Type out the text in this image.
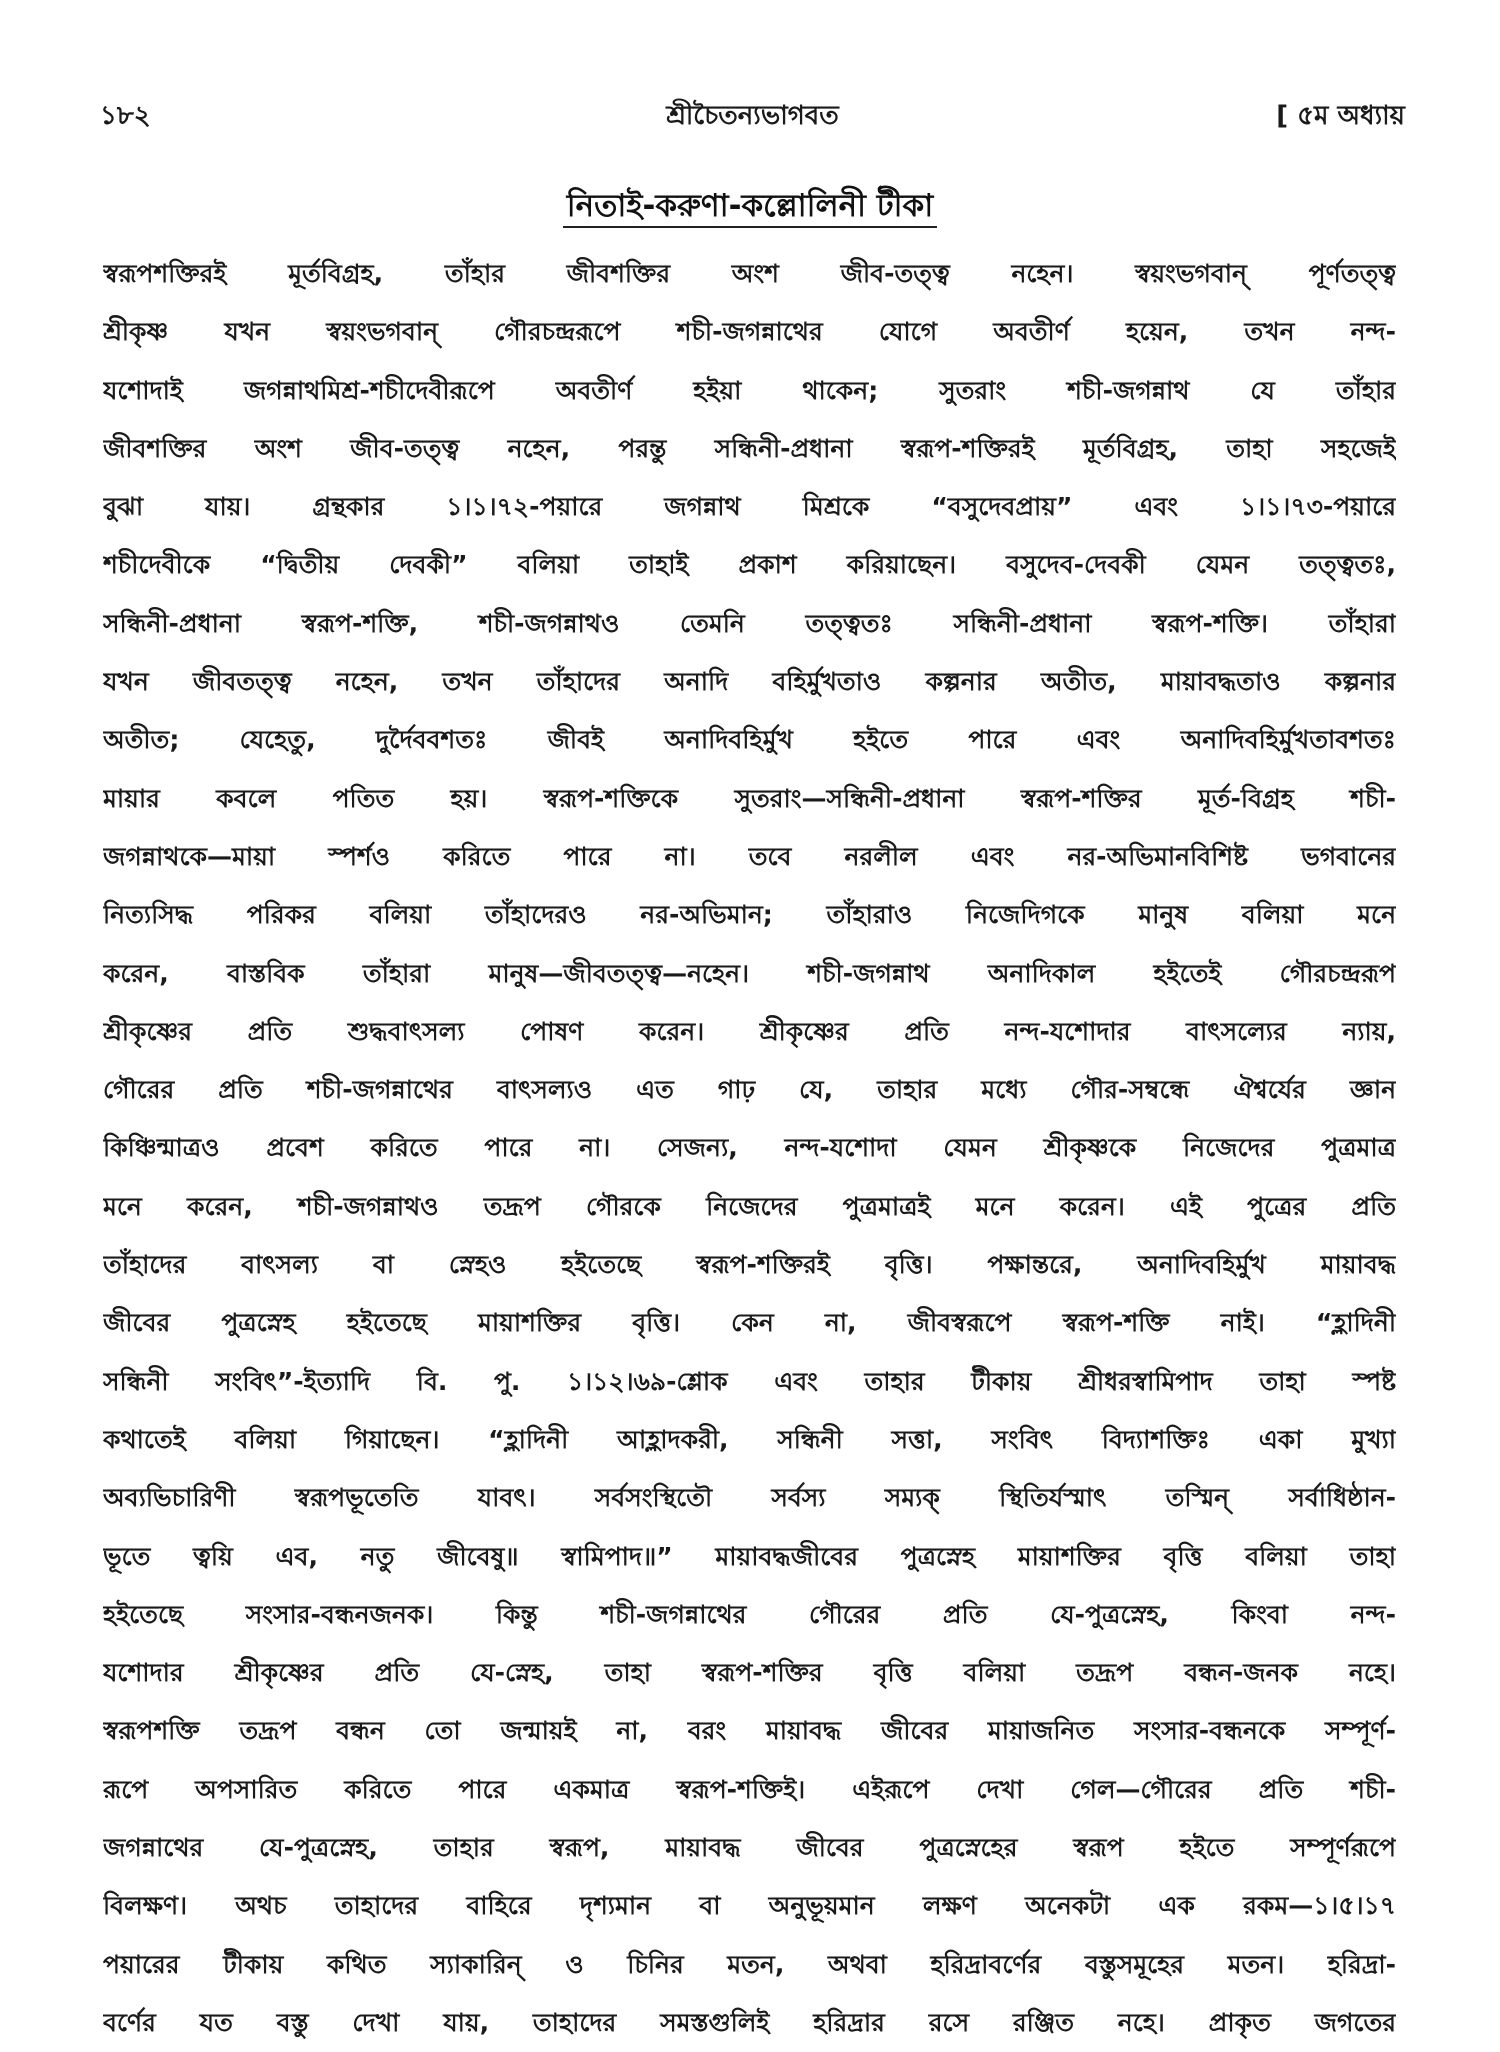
১৮২	শ্রীচৈতন্যভাগবত	[ ৫ম অধ্যায়
নিতাই-করুণা-কল্লোলিনী টীকা
স্বরূপশক্তিরই মূর্তবিগ্রহ, তাঁহার জীবশক্তির অংশ জীব-তত্ত্ব নহেন। স্বয়ংভগবান্ পূর্ণতত্ত্ব
শ্রীকৃষ্ণ যখন স্বয়ংভগবান্ গৌরচন্দ্ররূপে শচী-জগন্নাথের যোগে অবতীর্ণ হয়েন, তখন নন্দ-
যশোদাই জগন্নাথমিশ্র-শচীদেবীরূপে অবতীর্ণ হইয়া থাকেন; সুতরাং শচী-জগন্নাথ যে তাঁহার
জীবশক্তির অংশ জীব-তত্ত্ব নহেন, পরন্তু সন্ধিনী-প্রধানা স্বরূপ-শক্তিরই মূর্তবিগ্রহ, তাহা সহজেই
বুঝা যায়। গ্রন্থকার ১।১।৭২-পয়ারে জগন্নাথ মিশ্রকে “বসুদেবপ্রায়” এবং ১।১।৭৩-পয়ারে
শচীদেবীকে “দ্বিতীয় দেবকী” বলিয়া তাহাই প্রকাশ করিয়াছেন। বসুদেব-দেবকী যেমন তত্ত্বতঃ,
সন্ধিনী-প্রধানা স্বরূপ-শক্তি, শচী-জগন্নাথও তেমনি তত্ত্বতঃ সন্ধিনী-প্রধানা স্বরূপ-শক্তি। তাঁহারা
যখন জীবতত্ত্ব নহেন, তখন তাঁহাদের অনাদি বহির্মুখতাও কল্পনার অতীত, মায়াবদ্ধতাও কল্পনার
অতীত; যেহেতু, দুর্দৈববশতঃ জীবই অনাদিবহির্মুখ হইতে পারে এবং অনাদিবহির্মুখতাবশতঃ
মায়ার কবলে পতিত হয়। স্বরূপ-শক্তিকে সুতরাং—সন্ধিনী-প্রধানা স্বরূপ-শক্তির মূর্ত-বিগ্রহ শচী-
জগন্নাথকে—মায়া স্পর্শও করিতে পারে না। তবে নরলীল এবং নর-অভিমানবিশিষ্ট ভগবানের
নিত্যসিদ্ধ পরিকর বলিয়া তাঁহাদেরও নর-অভিমান; তাঁহারাও নিজেদিগকে মানুষ বলিয়া মনে
করেন, বাস্তবিক তাঁহারা মানুষ—জীবতত্ত্ব—নহেন। শচী-জগন্নাথ অনাদিকাল হইতেই গৌরচন্দ্ররূপ
শ্রীকৃষ্ণের প্রতি শুদ্ধবাৎসল্য পোষণ করেন। শ্রীকৃষ্ণের প্রতি নন্দ-যশোদার বাৎসল্যের ন্যায়,
গৌরের প্রতি শচী-জগন্নাথের বাৎসল্যও এত গাঢ় যে, তাহার মধ্যে গৌর-সম্বন্ধে ঐশ্বর্যের জ্ঞান
কিঞ্চিন্মাত্রও প্রবেশ করিতে পারে না। সেজন্য, নন্দ-যশোদা যেমন শ্রীকৃষ্ণকে নিজেদের পুত্রমাত্র
মনে করেন, শচী-জগন্নাথও তদ্রূপ গৌরকে নিজেদের পুত্রমাত্রই মনে করেন। এই পুত্রের প্রতি
তাঁহাদের বাৎসল্য বা স্নেহও হইতেছে স্বরূপ-শক্তিরই বৃত্তি। পক্ষান্তরে, অনাদিবহির্মুখ মায়াবদ্ধ
জীবের পুত্রস্নেহ হইতেছে মায়াশক্তির বৃত্তি। কেন না, জীবস্বরূপে স্বরূপ-শক্তি নাই। “হ্লাদিনী
সন্ধিনী সংবিৎ”-ইত্যাদি বি. পু. ১।১২।৬৯-শ্লোক এবং তাহার টীকায় শ্রীধরস্বামিপাদ তাহা স্পষ্ট
কথাতেই বলিয়া গিয়াছেন। “হ্লাদিনী আহ্লাদকরী, সন্ধিনী সত্তা, সংবিৎ বিদ্যাশক্তিঃ একা মুখ্যা
অব্যভিচারিণী স্বরূপভূতেতি যাবৎ। সর্বসংস্থিতৌ সর্বস্য সম্যক্ স্থিতির্যস্মাৎ তস্মিন্ সর্বাধিষ্ঠান-
ভূতে ত্বয়ি এব, নতু জীবেষু॥ স্বামিপাদ॥” মায়াবদ্ধজীবের পুত্রস্নেহ মায়াশক্তির বৃত্তি বলিয়া তাহা
হইতেছে সংসার-বন্ধনজনক। কিন্তু শচী-জগন্নাথের গৌরের প্রতি যে-পুত্রস্নেহ, কিংবা নন্দ-
যশোদার শ্রীকৃষ্ণের প্রতি যে-স্নেহ, তাহা স্বরূপ-শক্তির বৃত্তি বলিয়া তদ্রূপ বন্ধন-জনক নহে।
স্বরূপশক্তি তদ্রূপ বন্ধন তো জন্মায়ই না, বরং মায়াবদ্ধ জীবের মায়াজনিত সংসার-বন্ধনকে সম্পূর্ণ-
রূপে অপসারিত করিতে পারে একমাত্র স্বরূপ-শক্তিই। এইরূপে দেখা গেল—গৌরের প্রতি শচী-
জগন্নাথের যে-পুত্রস্নেহ, তাহার স্বরূপ, মায়াবদ্ধ জীবের পুত্রস্নেহের স্বরূপ হইতে সম্পূর্ণরূপে
বিলক্ষণ। অথচ তাহাদের বাহিরে দৃশ্যমান বা অনুভূয়মান লক্ষণ অনেকটা এক রকম—১।৫।১৭
পয়ারের টীকায় কথিত স্যাকারিন্ ও চিনির মতন, অথবা হরিদ্রাবর্ণের বস্তুসমূহের মতন। হরিদ্রা-
বর্ণের যত বস্তু দেখা যায়, তাহাদের সমস্তগুলিই হরিদ্রার রসে রঞ্জিত নহে। প্রাকৃত জগতের
